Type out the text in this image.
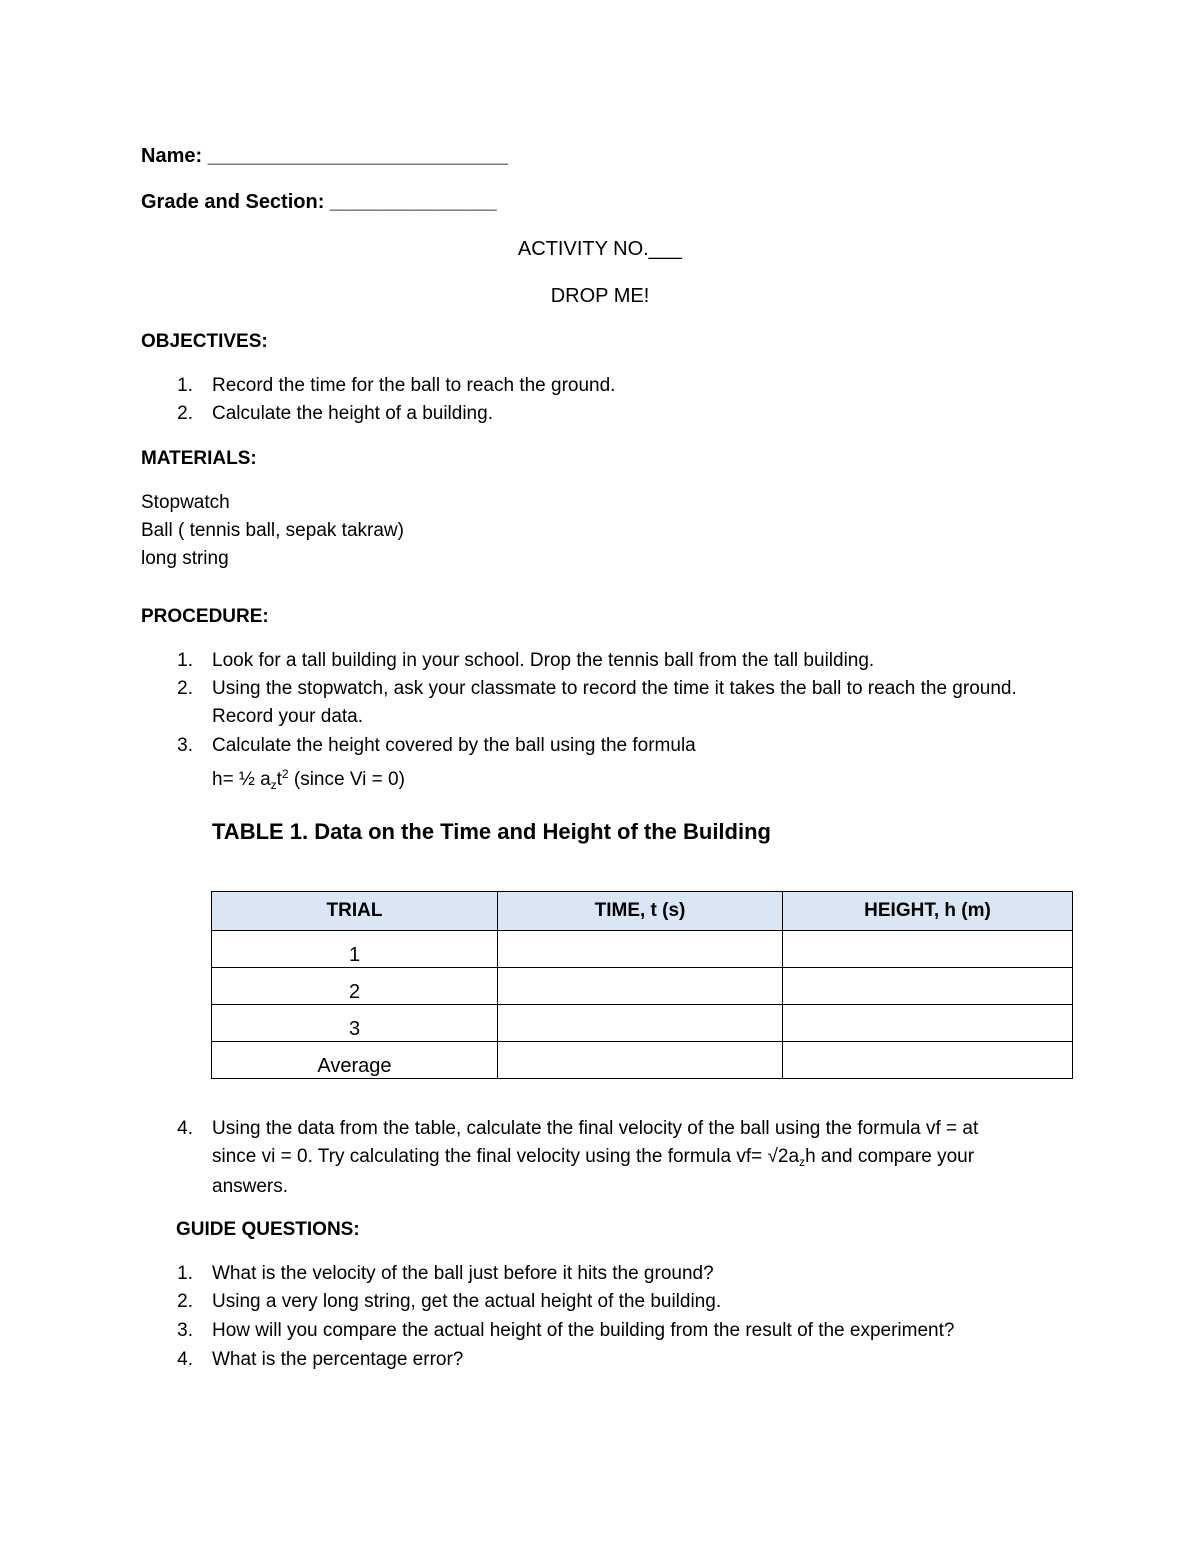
Name: ___________________________
Grade and Section: _______________
ACTIVITY NO.___
DROP ME!
OBJECTIVES:
1. Record the time for the ball to reach the ground.
2. Calculate the height of a building.
MATERIALS:
Stopwatch
Ball ( tennis ball, sepak takraw)
long string
PROCEDURE:
1. Look for a tall building in your school. Drop the tennis ball from the tall building.
2. Using the stopwatch, ask your classmate to record the time it takes the ball to reach the ground.
Record your data.
3. Calculate the height covered by the ball using the formula
h= ½ $a_zt^2$ (since Vi = 0)
TABLE 1. Data on the Time and Height of the Building
TRIAL	TIME, t (s)	HEIGHT, h (m)
1		
2		
3		
Average		
4. Using the data from the table, calculate the final velocity of the ball using the formula vf = at
since vi = 0. Try calculating the final velocity using the formula $vf= √2a_zh$ and compare your
answers.
GUIDE QUESTIONS:
1. What is the velocity of the ball just before it hits the ground?
2. Using a very long string, get the actual height of the building.
3. How will you compare the actual height of the building from the result of the experiment?
4. What is the percentage error?
